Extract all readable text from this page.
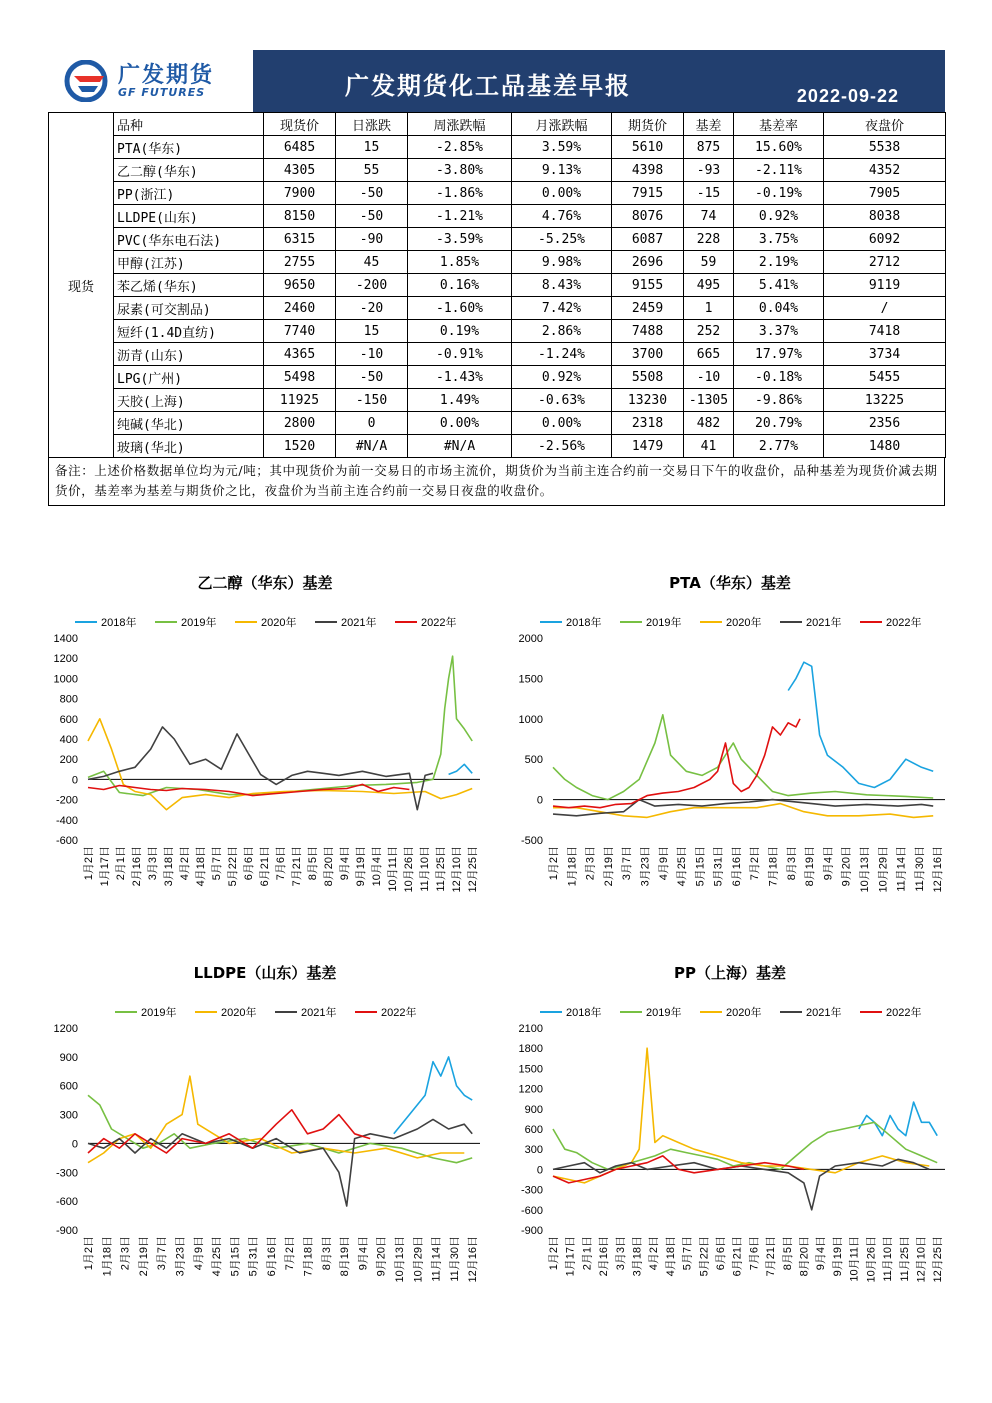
广发期货
GF FUTURES	广发期货化工品基差早报	2022-09-22
现货	品种	现货价	日涨跌	周涨跌幅	月涨跌幅	期货价	基差	基差率	夜盘价
	PTA(华东)	6485	15	-2.85%	3.59%	5610	875	15.60%	5538
	乙二醇(华东)	4305	55	-3.80%	9.13%	4398	-93	-2.11%	4352
	PP(浙江)	7900	-50	-1.86%	0.00%	7915	-15	-0.19%	7905
	LLDPE(山东)	8150	-50	-1.21%	4.76%	8076	74	0.92%	8038
	PVC(华东电石法)	6315	-90	-3.59%	-5.25%	6087	228	3.75%	6092
	甲醇(江苏)	2755	45	1.85%	9.98%	2696	59	2.19%	2712
	苯乙烯(华东)	9650	-200	0.16%	8.43%	9155	495	5.41%	9119
	尿素(可交割品)	2460	-20	-1.60%	7.42%	2459	1	0.04%	/
	短纤(1.4D直纺)	7740	15	0.19%	2.86%	7488	252	3.37%	7418
	沥青(山东)	4365	-10	-0.91%	-1.24%	3700	665	17.97%	3734
	LPG(广州)	5498	-50	-1.43%	0.92%	5508	-10	-0.18%	5455
	天胶(上海)	11925	-150	1.49%	-0.63%	13230	-1305	-9.86%	13225
	纯碱(华北)	2800	0	0.00%	0.00%	2318	482	20.79%	2356
	玻璃(华北)	1520	#N/A	#N/A	-2.56%	1479	41	2.77%	1480
备注：上述价格数据单位均为元/吨；其中现货价为前一交易日的市场主流价，期货价为当前主连合约前一交易日下午的收盘价，品种基差为现货价减去期货价，基差率为基差与期货价之比，夜盘价为当前主连合约前一交易日夜盘的收盘价。
乙二醇（华东）基差
2018年	2019年	2020年	2021年	2022年
1400
1200
1000
800
600
400
200
0
-200
-400
-600
1月2日 1月17日 2月1日 2月16日 3月3日 3月18日 4月2日 4月18日 5月7日 5月22日 6月6日 6月21日 7月6日 7月21日 8月5日 8月20日 9月4日 9月19日 10月4日 10月11日 10月26日 11月10日 11月25日 12月10日 12月25日
PTA（华东）基差
2018年	2019年	2020年	2021年	2022年
2000
1500
1000
500
0
-500
1月2日 1月18日 2月3日 2月19日 3月7日 3月23日 4月9日 4月25日 5月15日 5月31日 6月16日 7月2日 7月18日 8月3日 8月19日 9月4日 9月20日 10月13日 10月29日 11月14日 11月30日 12月16日
LLDPE（山东）基差
2019年	2020年	2021年	2022年
1200
900
600
300
0
-300
-600
-900
1月2日 1月18日 2月3日 2月19日 3月7日 3月23日 4月9日 4月25日 5月15日 5月31日 6月16日 7月2日 7月18日 8月3日 8月19日 9月4日 9月20日 10月13日 10月29日 11月14日 11月30日 12月16日
PP（上海）基差
2018年	2019年	2020年	2021年	2022年
2100
1800
1500
1200
900
600
300
0
-300
-600
-900
1月2日 1月17日 2月1日 2月16日 3月3日 3月18日 4月2日 4月18日 5月7日 5月22日 6月6日 6月21日 7月6日 7月21日 8月5日 8月20日 9月4日 9月19日 10月11日 10月26日 11月10日 11月25日 12月10日 12月25日
